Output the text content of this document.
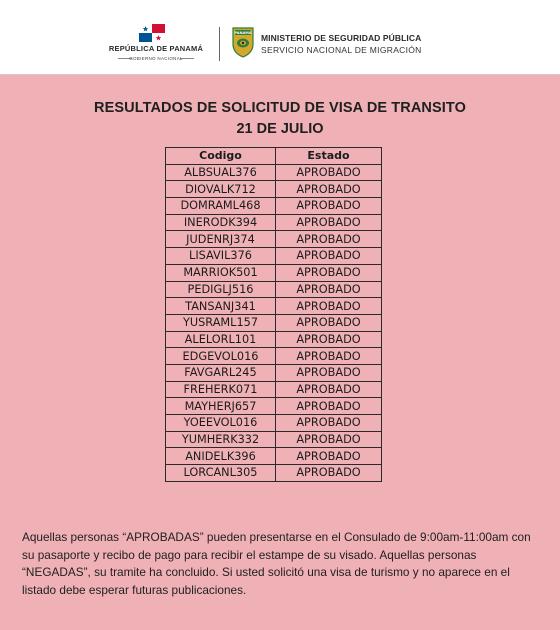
REPÚBLICA DE PANAMÁ
GOBIERNO NACIONAL
PANAMÁ MINISTERIO DE SEGURIDAD PÚBLICA
SERVICIO NACIONAL DE MIGRACIÓN
RESULTADOS DE SOLICITUD DE VISA DE TRANSITO
21 DE JULIO
Codigo	Estado
ALBSUAL376	APROBADO
DIOVALK712	APROBADO
DOMRAML468	APROBADO
INERODK394	APROBADO
JUDENRJ374	APROBADO
LISAVIL376	APROBADO
MARRIOK501	APROBADO
PEDIGLJ516	APROBADO
TANSANJ341	APROBADO
YUSRAML157	APROBADO
ALELORL101	APROBADO
EDGEVOL016	APROBADO
FAVGARL245	APROBADO
FREHERK071	APROBADO
MAYHERJ657	APROBADO
YOEEVOL016	APROBADO
YUMHERK332	APROBADO
ANIDELK396	APROBADO
LORCANL305	APROBADO
Aquellas personas “APROBADAS” pueden presentarse en el Consulado de 9:00am-11:00am con su pasaporte y recibo de pago para recibir el estampe de su visado. Aquellas personas “NEGADAS”, su tramite ha concluido. Si usted solicitó una visa de turismo y no aparece en el listado debe esperar futuras publicaciones.
